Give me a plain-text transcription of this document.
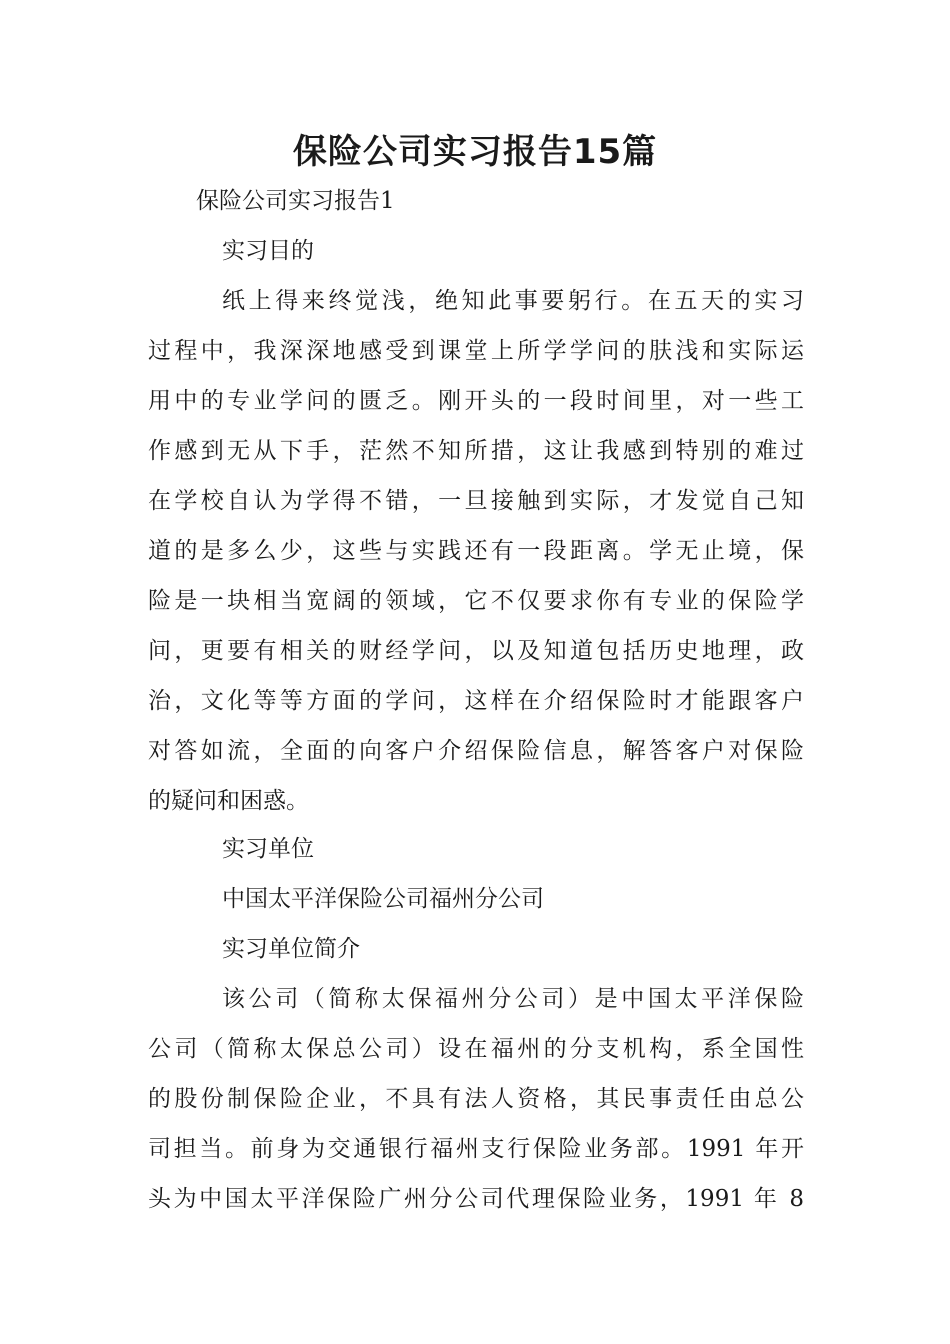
保险公司实习报告15篇

保险公司实习报告1

实习目的

纸上得来终觉浅，绝知此事要躬行。在五天的实习

过程中，我深深地感受到课堂上所学学问的肤浅和实际运

用中的专业学问的匮乏。刚开头的一段时间里，对一些工

作感到无从下手，茫然不知所措，这让我感到特别的难过

在学校自认为学得不错，一旦接触到实际，才发觉自己知

道的是多么少，这些与实践还有一段距离。学无止境，保

险是一块相当宽阔的领域，它不仅要求你有专业的保险学

问，更要有相关的财经学问，以及知道包括历史地理，政

治，文化等等方面的学问，这样在介绍保险时才能跟客户

对答如流，全面的向客户介绍保险信息，解答客户对保险

的疑问和困惑。

实习单位

中国太平洋保险公司福州分公司

实习单位简介

该公司（简称太保福州分公司）是中国太平洋保险

公司（简称太保总公司）设在福州的分支机构，系全国性

的股份制保险企业，不具有法人资格，其民事责任由总公

司担当。前身为交通银行福州支行保险业务部。1991 年开

头为中国太平洋保险广州分公司代理保险业务，1991 年 8
